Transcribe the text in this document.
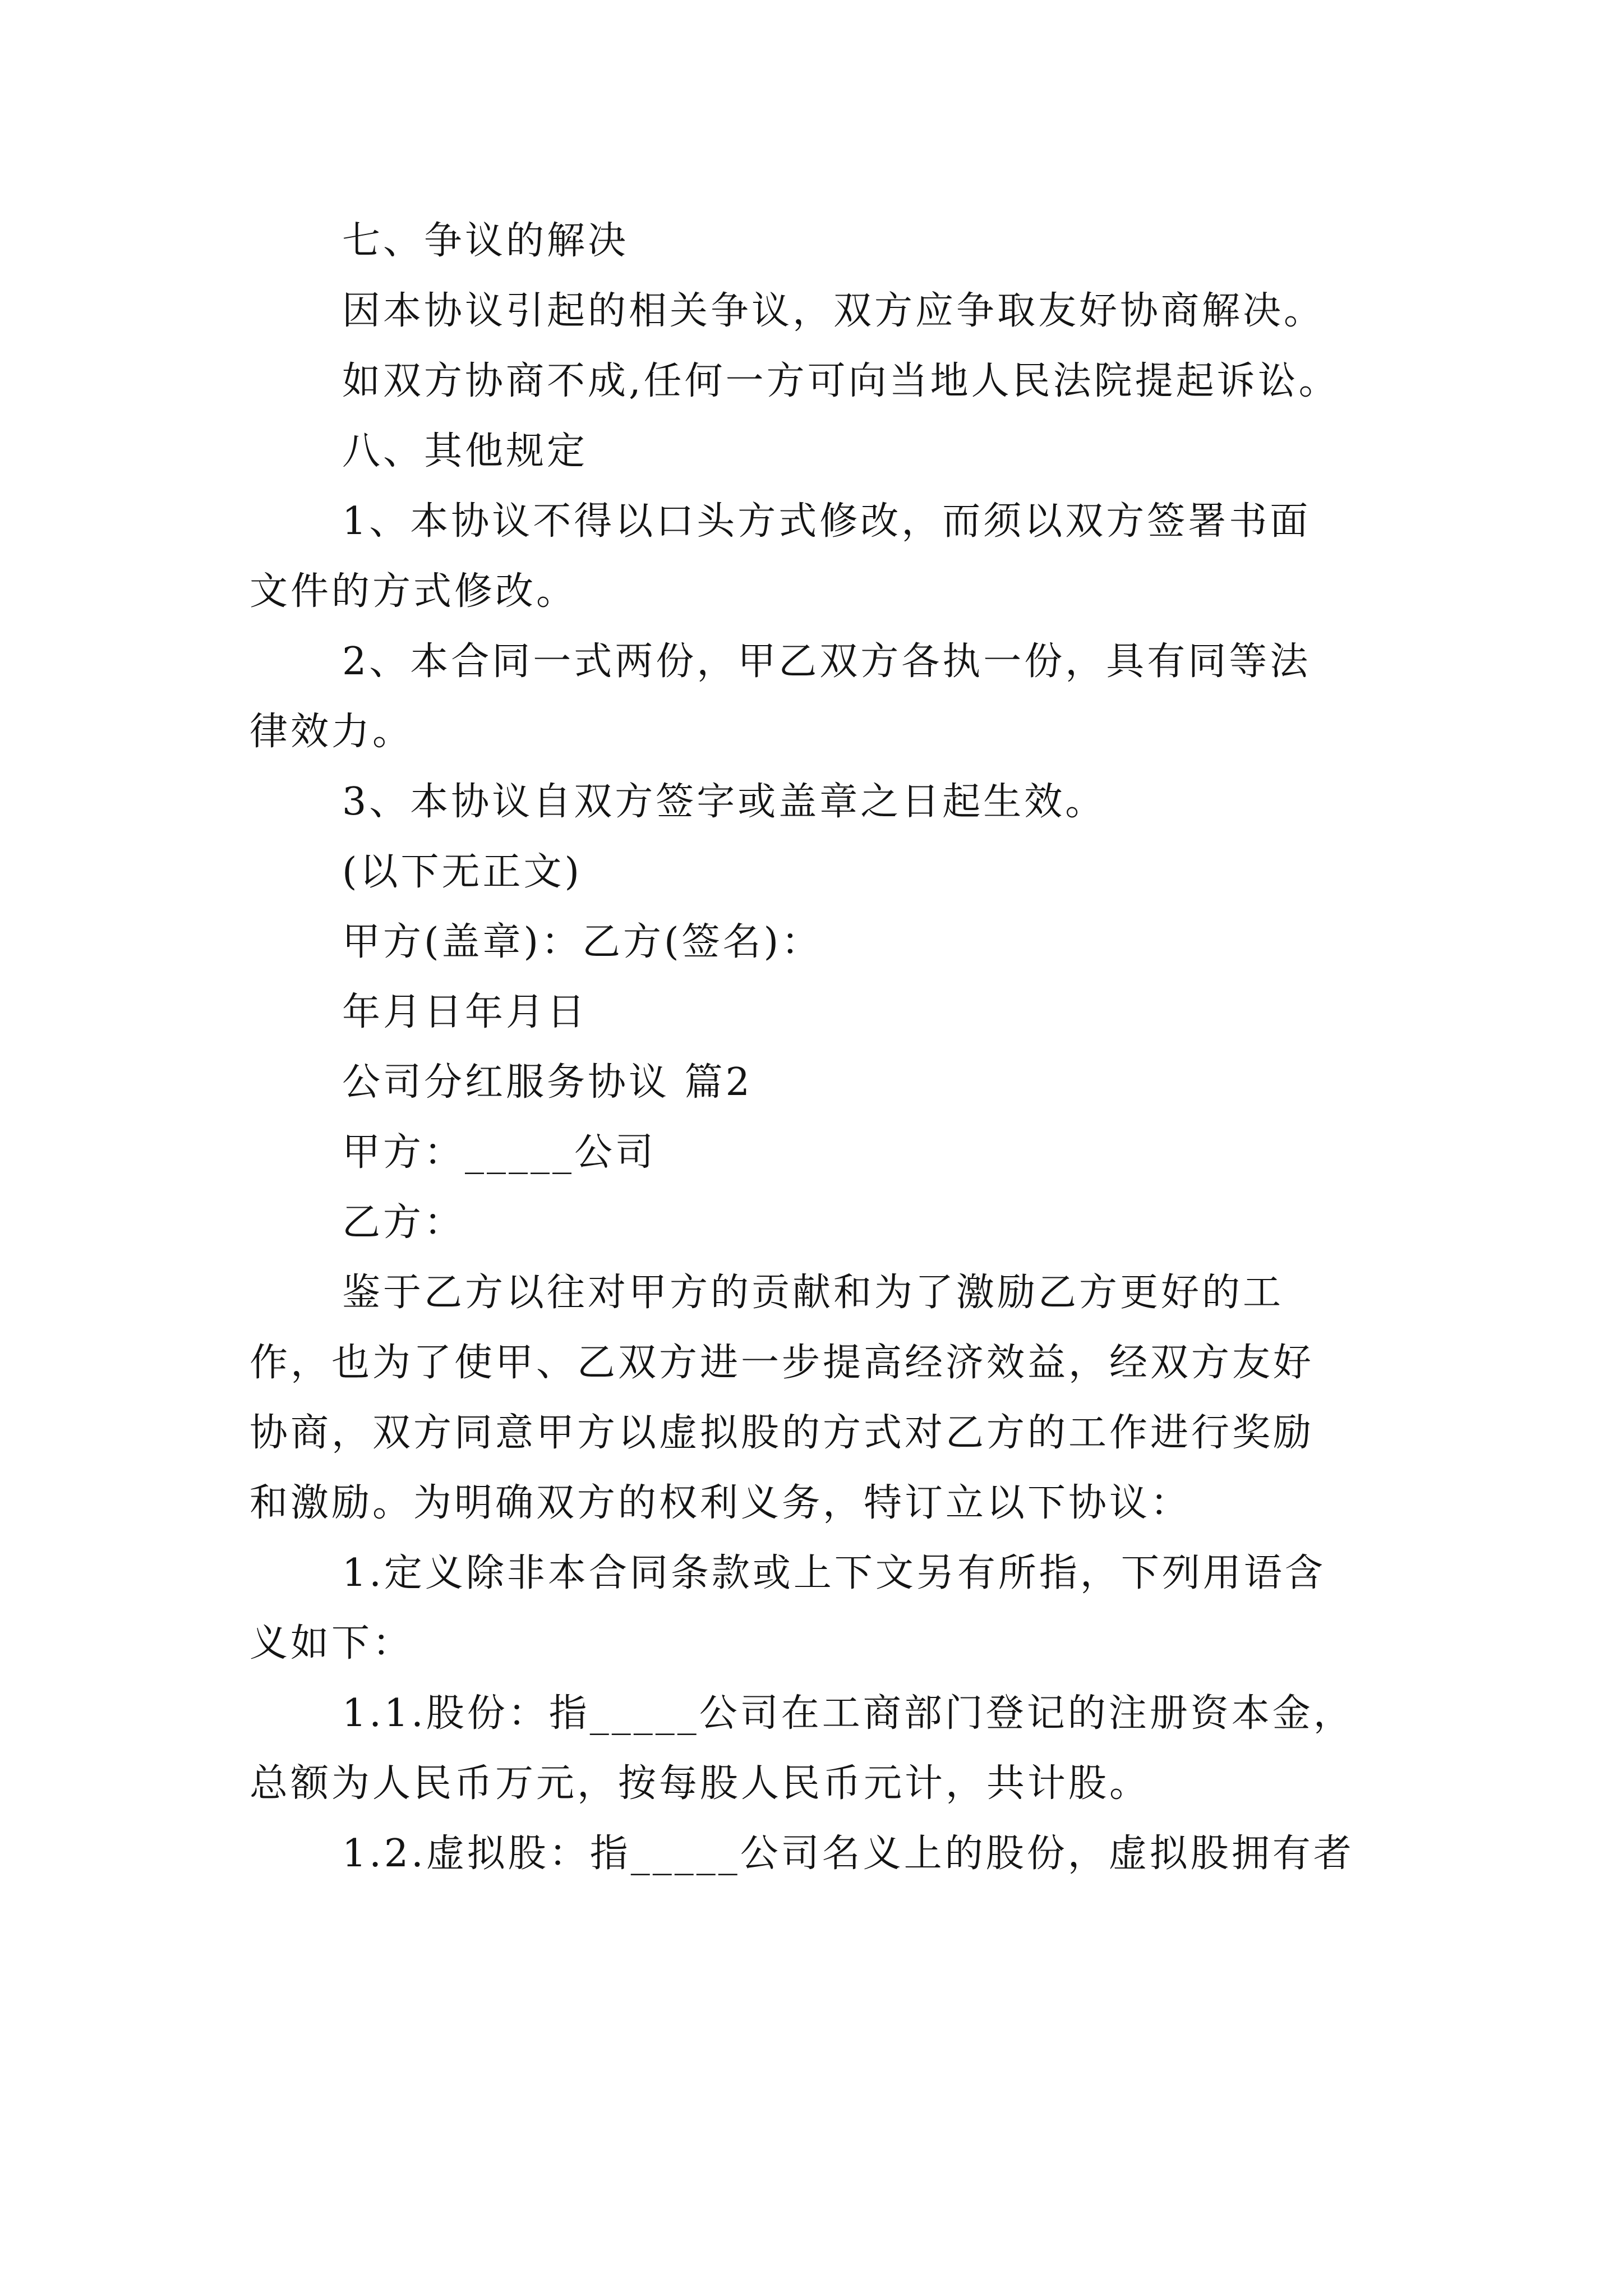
七、争议的解决
因本协议引起的相关争议，双方应争取友好协商解决。
如双方协商不成,任何一方可向当地人民法院提起诉讼。
八、其他规定
1、本协议不得以口头方式修改，而须以双方签署书面
文件的方式修改。
2、本合同一式两份，甲乙双方各执一份，具有同等法
律效力。
3、本协议自双方签字或盖章之日起生效。
(以下无正文)
甲方(盖章)：乙方(签名)：
年月日年月日
公司分红服务协议 篇2
甲方：_____公司
乙方：
鉴于乙方以往对甲方的贡献和为了激励乙方更好的工
作，也为了使甲、乙双方进一步提高经济效益，经双方友好
协商，双方同意甲方以虚拟股的方式对乙方的工作进行奖励
和激励。为明确双方的权利义务，特订立以下协议：
1.定义除非本合同条款或上下文另有所指，下列用语含
义如下：
1.1.股份：指_____公司在工商部门登记的注册资本金，
总额为人民币万元，按每股人民币元计，共计股。
1.2.虚拟股：指_____公司名义上的股份，虚拟股拥有者
